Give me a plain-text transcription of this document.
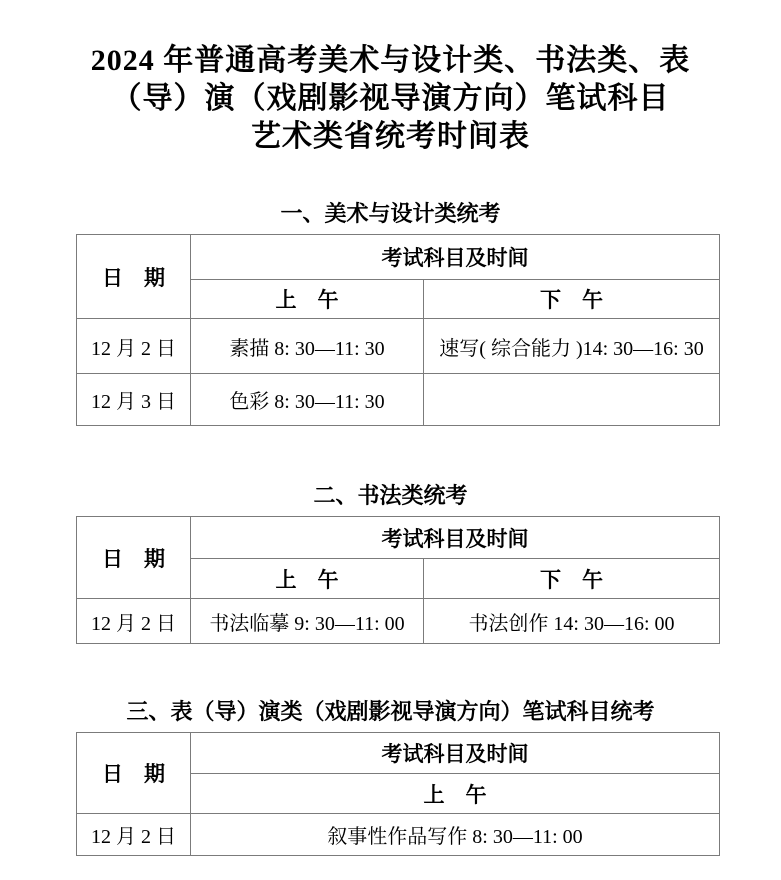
2024 年普通高考美术与设计类、书法类、表
（导）演（戏剧影视导演方向）笔试科目
艺术类省统考时间表
一、美术与设计类统考
日　期	考试科目及时间	
	上　午	下　午
12 月 2 日	素描 8: 30—11: 30	速写( 综合能力 )14: 30—16: 30
12 月 3 日	色彩 8: 30—11: 30	
二、书法类统考
日　期	考试科目及时间	
	上　午	下　午
12 月 2 日	书法临摹 9: 30—11: 00	书法创作 14: 30—16: 00
三、表（导）演类（戏剧影视导演方向）笔试科目统考
日　期	考试科目及时间
	上　午
12 月 2 日	叙事性作品写作 8: 30—11: 00
